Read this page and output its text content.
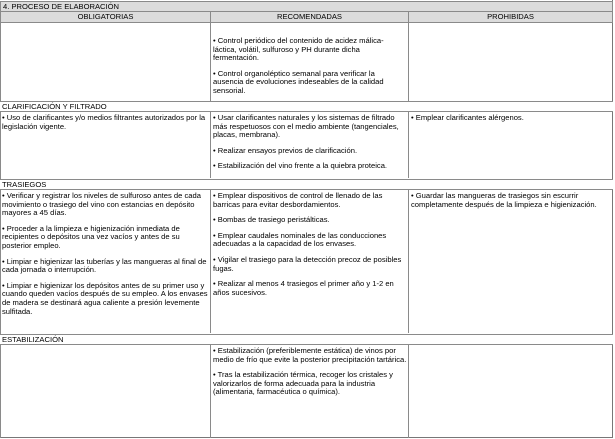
4. PROCESO DE ELABORACIÓN
OBLIGATORIAS	RECOMENDADAS	PROHIBIDAS

• Control periódico del contenido de acidez málica-láctica, volátil, sulfuroso y PH durante dicha fermentación.

• Control organoléptico semanal para verificar la ausencia de evoluciones indeseables de la calidad sensorial.

CLARIFICACIÓN Y FILTRADO

• Uso de clarificantes y/o medios filtrantes autorizados por la legislación vigente.

• Usar clarificantes naturales y los sistemas de filtrado más respetuosos con el medio ambiente (tangenciales, placas, membrana).

• Realizar ensayos previos de clarificación.

• Estabilización del vino frente a la quiebra proteica.

• Emplear clarificantes alérgenos.

TRASIEGOS

• Verificar y registrar los niveles de sulfuroso antes de cada movimiento o trasiego del vino con estancias en depósito mayores a 45 días.

• Proceder a la limpieza e higienización inmediata de recipientes o depósitos una vez vacíos y antes de su posterior empleo.

• Limpiar e higienizar las tuberías y las mangueras al final de cada jornada o interrupción.

• Limpiar e higienizar los depósitos antes de su primer uso y cuando queden vacíos después de su empleo. A los envases de madera se destinará agua caliente a presión levemente sulfitada.

• Emplear dispositivos de control de llenado de las barricas para evitar desbordamientos.

• Bombas de trasiego peristálticas.

• Emplear caudales nominales de las conducciones adecuadas a la capacidad de los envases.

• Vigilar el trasiego para la detección precoz de posibles fugas.

• Realizar al menos 4 trasiegos el primer año y 1-2 en años sucesivos.

• Guardar las mangueras de trasiegos sin escurrir completamente después de la limpieza e higienización.

ESTABILIZACIÓN

• Estabilización (preferiblemente estática) de vinos por medio de frío que evite la posterior precipitación tartárica.

• Tras la estabilización térmica, recoger los cristales y valorizarlos de forma adecuada para la industria (alimentaria, farmacéutica o química).
